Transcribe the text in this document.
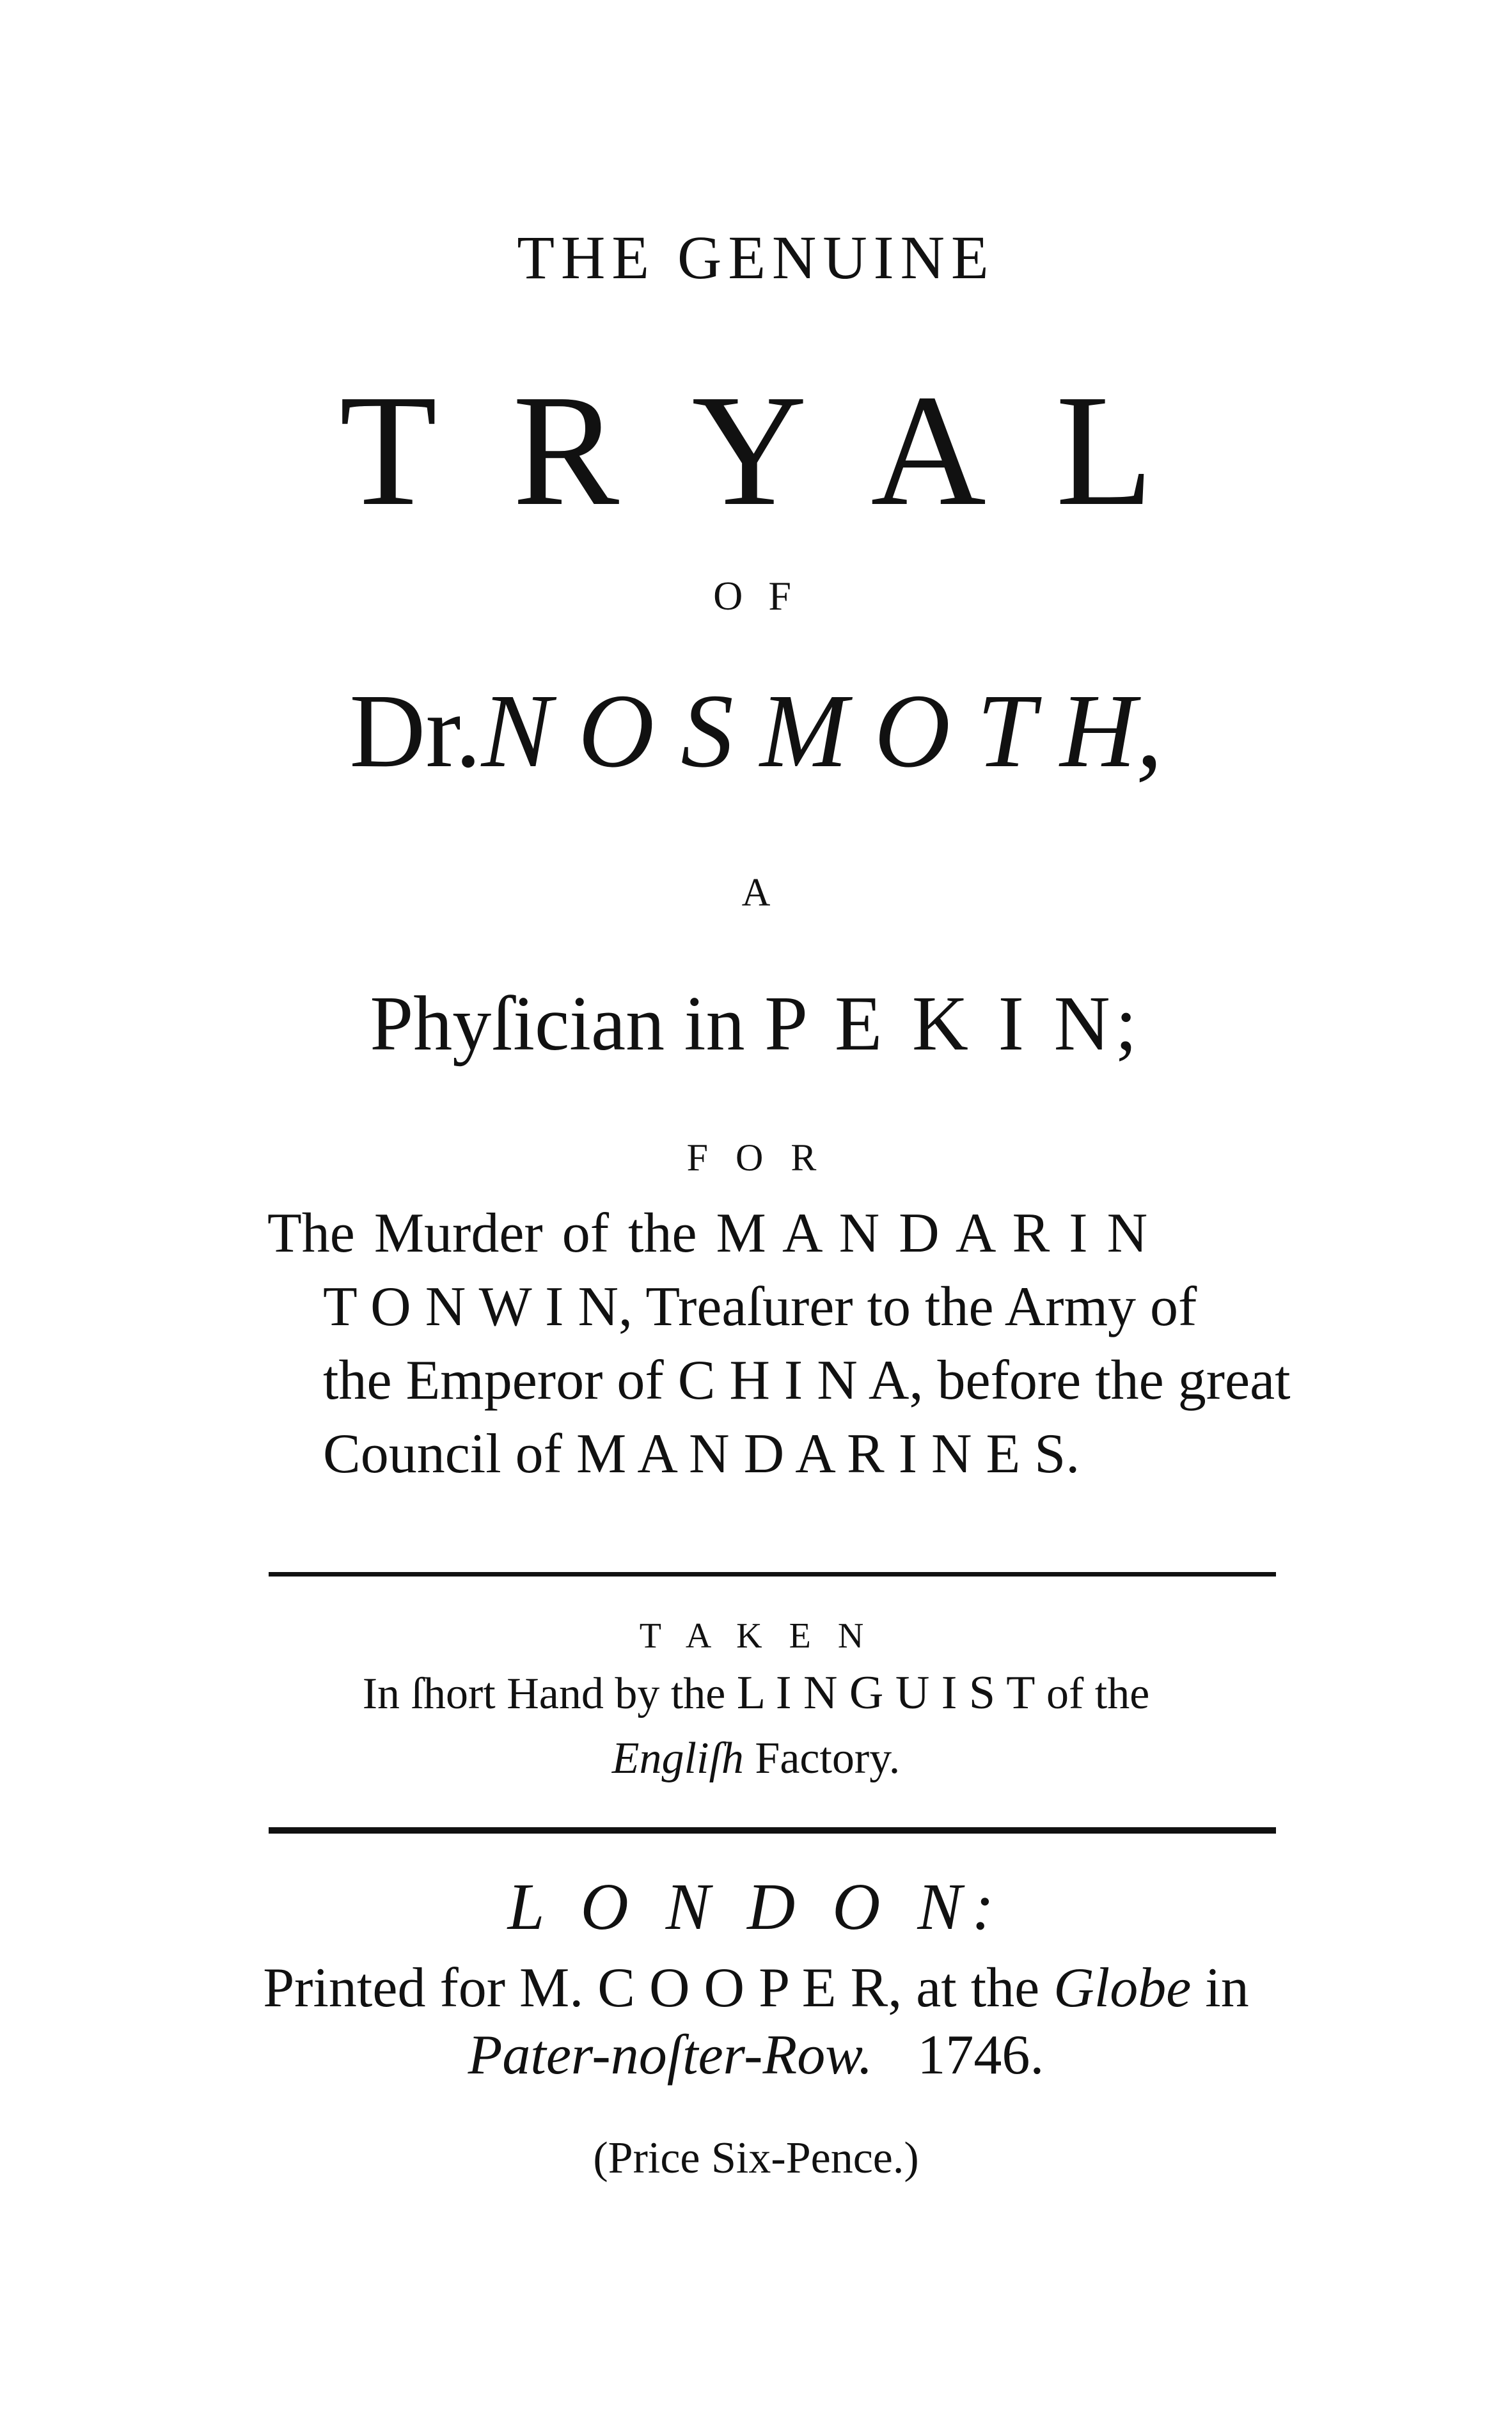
THE GENUINE
T R Y A L
O F
Dr.N O S M O T H,
A
Phyſician in P E K I N;
F O R
The Murder of the M A N D A R I N
T O N W I N, Treaſurer to the Army of
the Emperor of C H I N A, before the great
Council of M A N D A R I N E S.
T A K E N
In ſhort Hand by the L I N G U I S T of the
Engliſh Factory.
L O N D O N:
Printed for M. C O O P E R, at the Globe in
Pater-noſter-Row. 1746.
(Price Six-Pence.)
